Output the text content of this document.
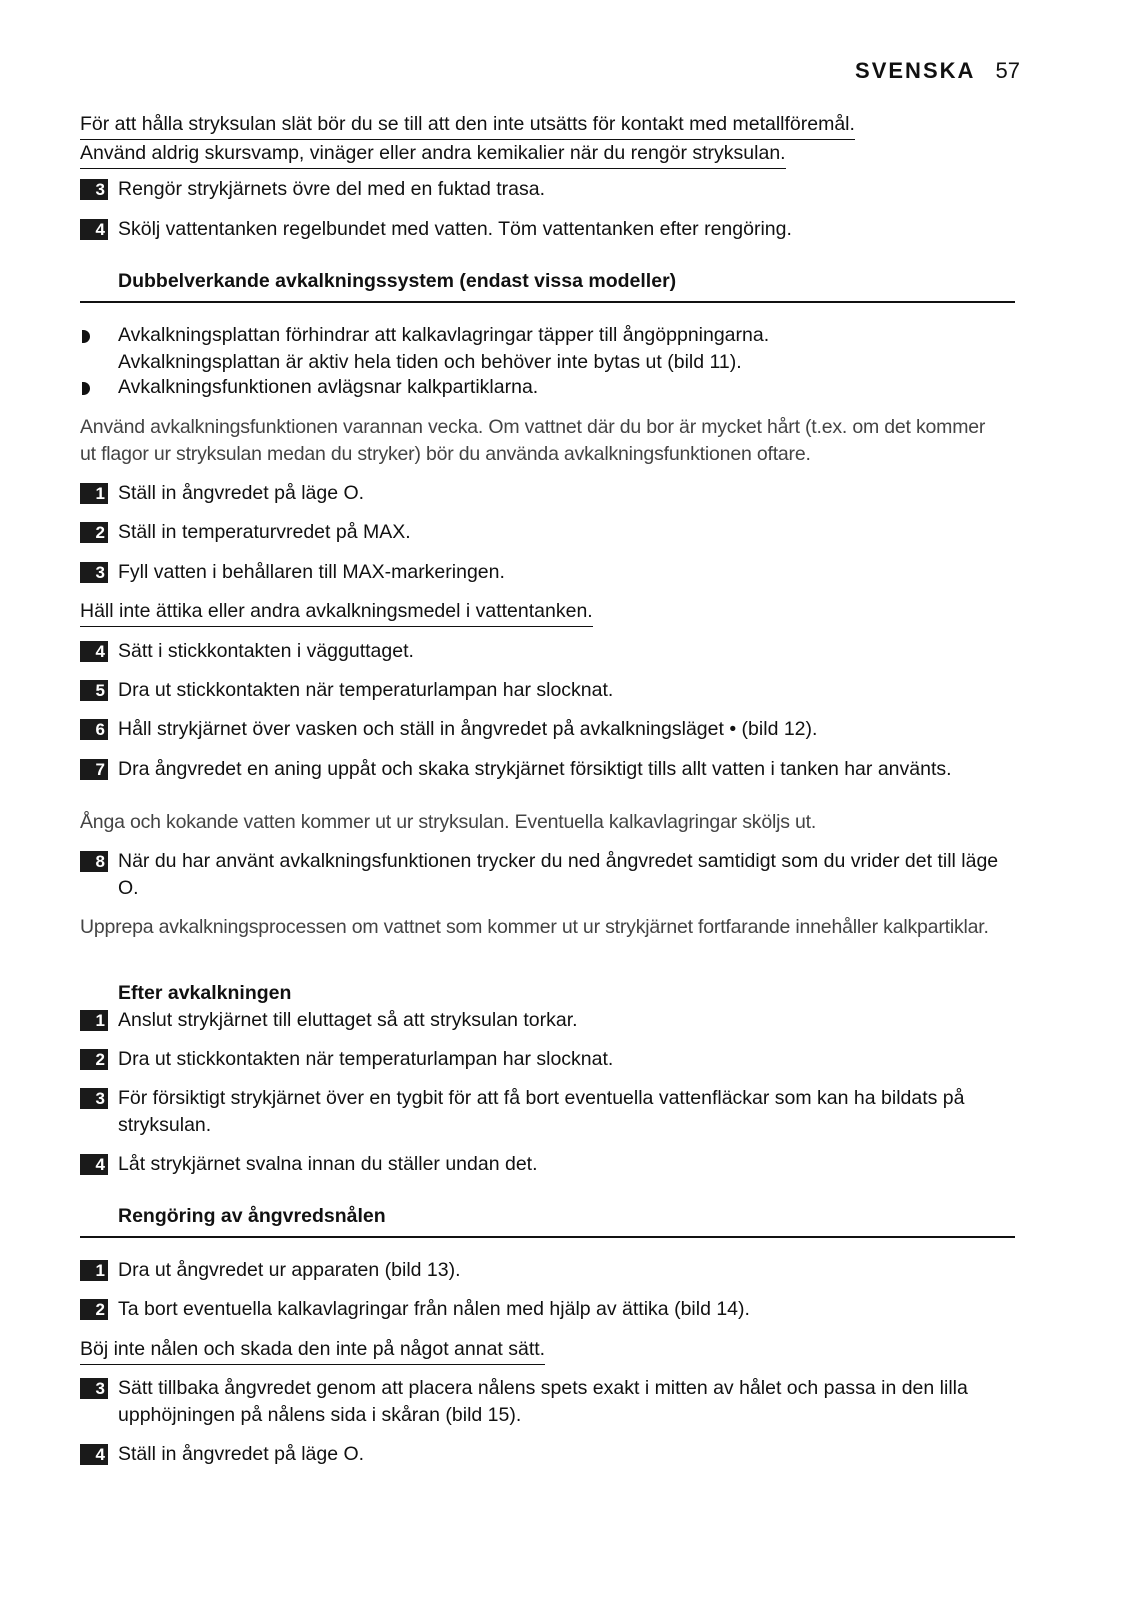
SVENSKA 57
För att hålla stryksulan slät bör du se till att den inte utsätts för kontakt med metallföremål.
Använd aldrig skursvamp, vinäger eller andra kemikalier när du rengör stryksulan.
3 Rengör strykjärnets övre del med en fuktad trasa.
4 Skölj vattentanken regelbundet med vatten. Töm vattentanken efter rengöring.
Dubbelverkande avkalkningssystem (endast vissa modeller)
Avkalkningsplattan förhindrar att kalkavlagringar täpper till ångöppningarna. Avkalkningsplattan är aktiv hela tiden och behöver inte bytas ut (bild 11).
Avkalkningsfunktionen avlägsnar kalkpartiklarna.
Använd avkalkningsfunktionen varannan vecka. Om vattnet där du bor är mycket hårt (t.ex. om det kommer ut flagor ur stryksulan medan du stryker) bör du använda avkalkningsfunktionen oftare.
1 Ställ in ångvredet på läge O.
2 Ställ in temperaturvredet på MAX.
3 Fyll vatten i behållaren till MAX-markeringen.
Häll inte ättika eller andra avkalkningsmedel i vattentanken.
4 Sätt i stickkontakten i vägguttaget.
5 Dra ut stickkontakten när temperaturlampan har slocknat.
6 Håll strykjärnet över vasken och ställ in ångvredet på avkalkningsläget • (bild 12).
7 Dra ångvredet en aning uppåt och skaka strykjärnet försiktigt tills allt vatten i tanken har använts.
Ånga och kokande vatten kommer ut ur stryksulan. Eventuella kalkavlagringar sköljs ut.
8 När du har använt avkalkningsfunktionen trycker du ned ångvredet samtidigt som du vrider det till läge O.
Upprepa avkalkningsprocessen om vattnet som kommer ut ur strykjärnet fortfarande innehåller kalkpartiklar.
Efter avkalkningen
1 Anslut strykjärnet till eluttaget så att stryksulan torkar.
2 Dra ut stickkontakten när temperaturlampan har slocknat.
3 För försiktigt strykjärnet över en tygbit för att få bort eventuella vattenfläckar som kan ha bildats på stryksulan.
4 Låt strykjärnet svalna innan du ställer undan det.
Rengöring av ångvredsnålen
1 Dra ut ångvredet ur apparaten (bild 13).
2 Ta bort eventuella kalkavlagringar från nålen med hjälp av ättika (bild 14).
Böj inte nålen och skada den inte på något annat sätt.
3 Sätt tillbaka ångvredet genom att placera nålens spets exakt i mitten av hålet och passa in den lilla upphöjningen på nålens sida i skåran (bild 15).
4 Ställ in ångvredet på läge O.
